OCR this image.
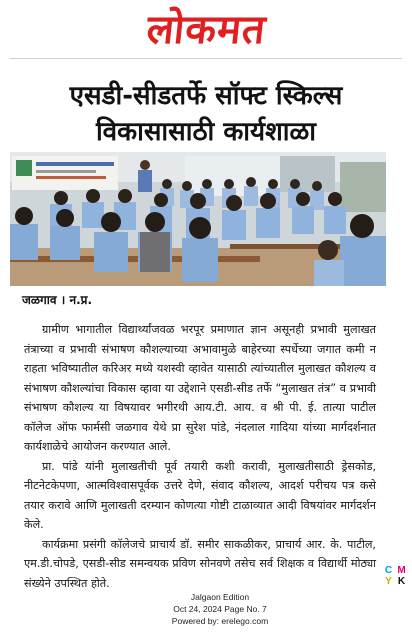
लोकमत
एसडी-सीडतर्फे सॉफ्ट स्किल्स
विकासासाठी कार्यशाळा
जळगाव । न.प्र.

ग्रामीण भागातील विद्यार्थ्यांजवळ भरपूर प्रमाणात ज्ञान असूनही प्रभावी मुलाखत तंत्राच्या व प्रभावी संभाषण कौशल्याच्या अभावामुळे बाहेरच्या स्पर्धेच्या जगात कमी न राहता भविष्यातील करिअर मध्ये यशस्वी व्हावेत यासाठी त्यांच्यातील मुलाखत कौशल्य व संभाषण कौशल्यांचा विकास व्हावा या उद्देशाने एसडी-सीड तर्फे “मुलाखत तंत्र” व प्रभावी संभाषण कौशल्य या विषयावर भगीरथी आय.टी. आय. व श्री पी. ई. तात्या पाटील कॉलेज ऑफ फार्मसी जळगाव येथे प्रा सुरेश पांडे, नंदलाल गादिया यांच्या मार्गदर्शनात कार्यशाळेचे आयोजन करण्यात आले.

प्रा. पांडे यांनी मुलाखतीची पूर्व तयारी कशी करावी, मुलाखतीसाठी ड्रेसकोड, नीटनेटकेपणा, आत्मविश्वासपूर्वक उत्तरे देणे, संवाद कौशल्य, आदर्श परीचय पत्र कसे तयार करावे आणि मुलाखती दरम्यान कोणत्या गोष्टी टाळाव्यात आदी विषयांवर मार्गदर्शन केले.

कार्यक्रमा प्रसंगी कॉलेजचे प्राचार्य डॉ. समीर साकळीकर, प्राचार्य आर. के. पाटील, एम.डी.चोपडे, एसडी-सीड समन्वयक प्रविण सोनवणे तसेच सर्व शिक्षक व विद्यार्थी मोठ्या संख्येने उपस्थित होते.

C M
Y K
Jalgaon Edition
Oct 24, 2024 Page No. 7
Powered by: erelego.com
